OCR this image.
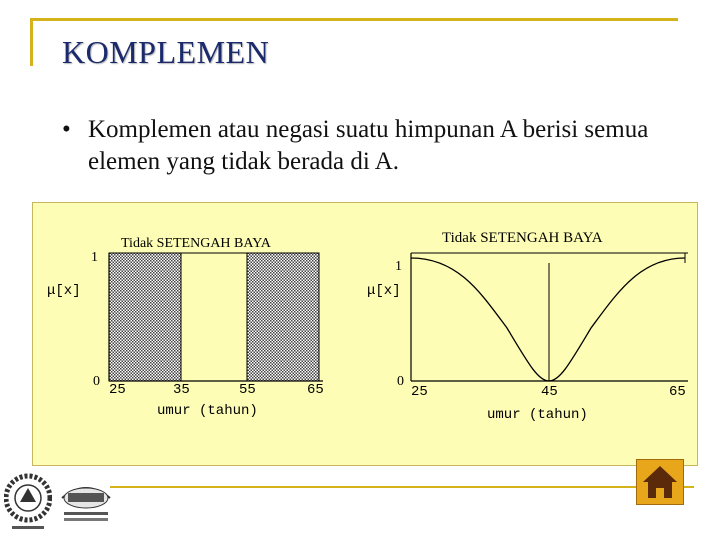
KOMPLEMEN
• Komplemen atau negasi suatu himpunan A berisi semua elemen yang tidak berada di A.
Tidak SETENGAH BAYA
1
0
μ[x]
25	35	55	65
umur (tahun)
Tidak SETENGAH BAYA
1
0
μ[x]
25	45	65
umur (tahun)
